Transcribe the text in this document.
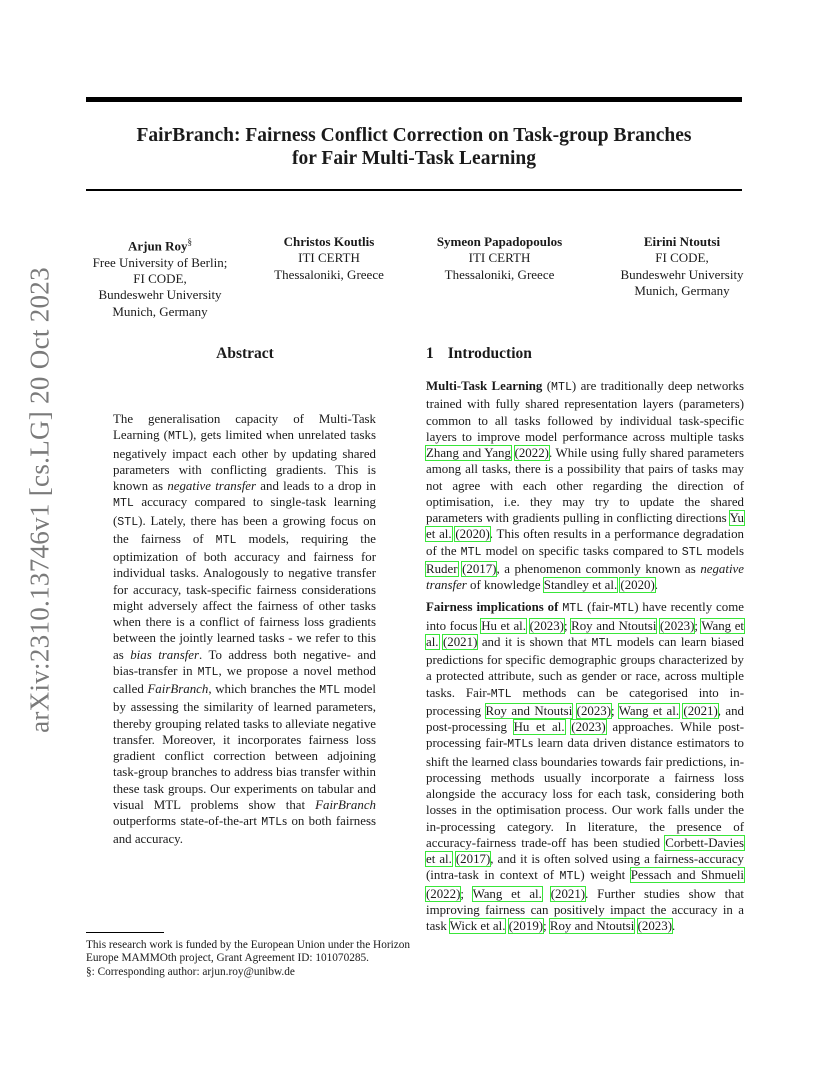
FairBranch: Fairness Conflict Correction on Task-group Branches
for Fair Multi-Task Learning
Arjun Roy§
Free University of Berlin;
FI CODE,
Bundeswehr University
Munich, Germany
Christos Koutlis
ITI CERTH
Thessaloniki, Greece
Symeon Papadopoulos
ITI CERTH
Thessaloniki, Greece
Eirini Ntoutsi
FI CODE,
Bundeswehr University
Munich, Germany
arXiv:2310.13746v1 [cs.LG] 20 Oct 2023	Abstract	1 Introduction

The generalisation capacity of Multi-Task Learning (MTL), gets limited when unrelated tasks negatively impact each other by updating shared parameters with conflicting gradients. This is known as negative transfer and leads to a drop in MTL accuracy compared to single-task learning (STL). Lately, there has been a growing focus on the fairness of MTL models, requiring the optimization of both accuracy and fairness for individual tasks. Analogously to negative transfer for accuracy, task-specific fairness considerations might adversely affect the fairness of other tasks when there is a conflict of fairness loss gradients between the jointly learned tasks - we refer to this as bias transfer. To address both negative- and bias-transfer in MTL, we propose a novel method called FairBranch, which branches the MTL model by assessing the similarity of learned parameters, thereby grouping related tasks to alleviate negative transfer. Moreover, it incorporates fairness loss gradient conflict correction between adjoining task-group branches to address bias transfer within these task groups. Our experiments on tabular and visual MTL problems show that FairBranch outperforms state-of-the-art MTLs on both fairness and accuracy.

Multi-Task Learning (MTL) are traditionally deep networks trained with fully shared representation layers (parameters) common to all tasks followed by individual task-specific layers to improve model performance across multiple tasks Zhang and Yang (2022). While using fully shared parameters among all tasks, there is a possibility that pairs of tasks may not agree with each other regarding the direction of optimisation, i.e. they may try to update the shared parameters with gradients pulling in conflicting directions Yu et al. (2020). This often results in a performance degradation of the MTL model on specific tasks compared to STL models Ruder (2017), a phenomenon commonly known as negative transfer of knowledge Standley et al. (2020).

Fairness implications of MTL (fair-MTL) have recently come into focus Hu et al. (2023); Roy and Ntoutsi (2023); Wang et al. (2021) and it is shown that MTL models can learn biased predictions for specific demographic groups characterized by a protected attribute, such as gender or race, across multiple tasks. Fair-MTL methods can be categorised into in-processing Roy and Ntoutsi (2023); Wang et al. (2021), and post-processing Hu et al. (2023) approaches. While post-processing fair-MTLs learn data driven distance estimators to shift the learned class boundaries towards fair predictions, in-processing methods usually incorporate a fairness loss alongside the accuracy loss for each task, considering both losses in the optimisation process. Our work falls under the in-processing category. In literature, the presence of accuracy-fairness trade-off has been studied Corbett-Davies et al. (2017), and it is often solved using a fairness-accuracy (intra-task in context of MTL) weight Pessach and Shmueli (2022); Wang et al. (2021). Further studies show that improving fairness can positively impact the accuracy in a task Wick et al. (2019); Roy and Ntoutsi (2023).

This research work is funded by the European Union under the Horizon Europe MAMMOth project, Grant Agreement ID: 101070285.

§: Corresponding author: arjun.roy@unibw.de
